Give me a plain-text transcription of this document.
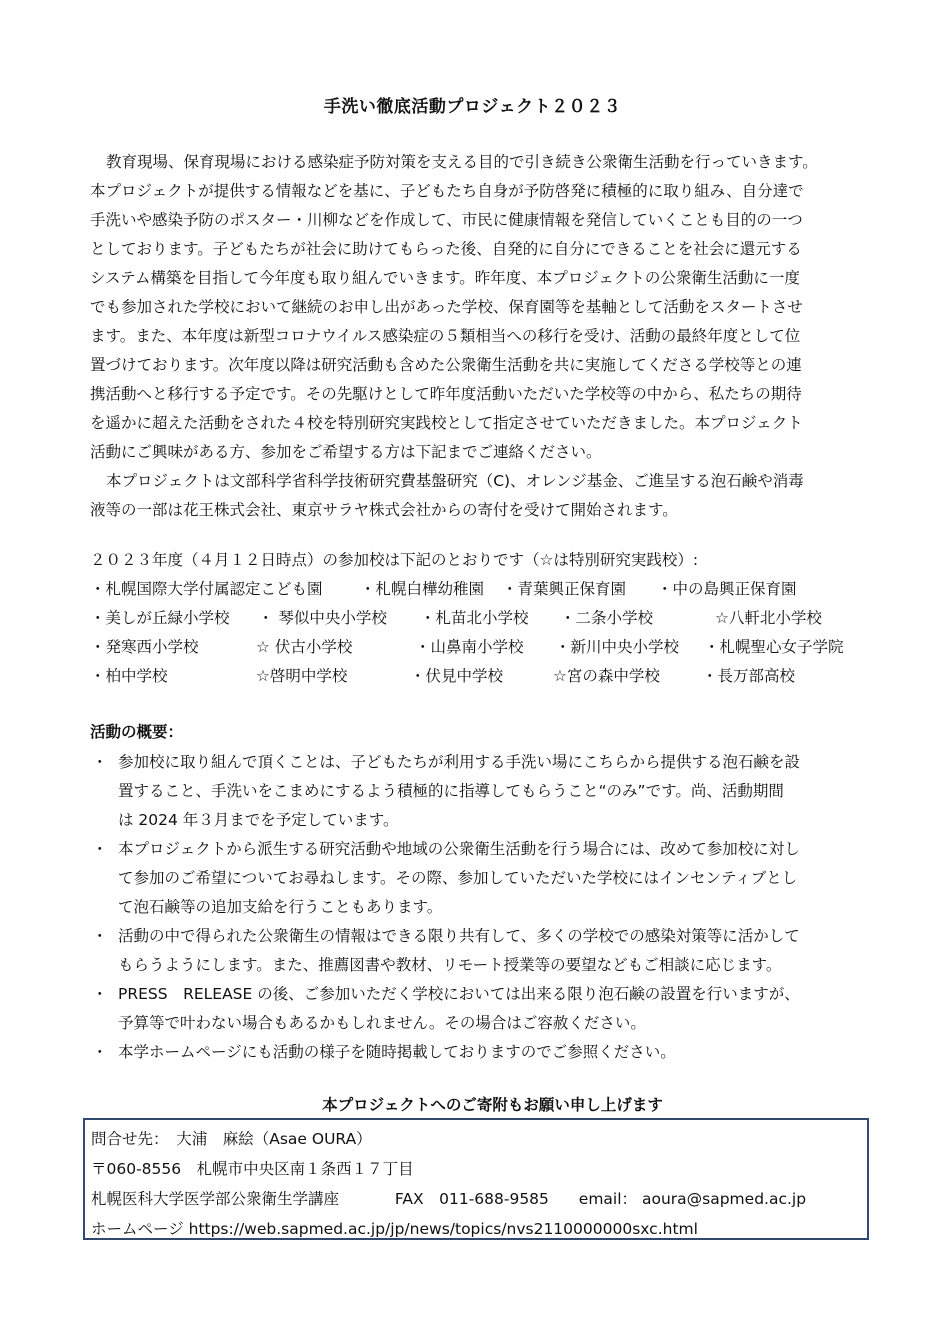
手洗い徹底活動プロジェクト２０２３
教育現場、保育現場における感染症予防対策を支える目的で引き続き公衆衛生活動を行っていきます。
本プロジェクトが提供する情報などを基に、子どもたち自身が予防啓発に積極的に取り組み、自分達で
手洗いや感染予防のポスター・川柳などを作成して、市民に健康情報を発信していくことも目的の一つ
としております。子どもたちが社会に助けてもらった後、自発的に自分にできることを社会に還元する
システム構築を目指して今年度も取り組んでいきます。昨年度、本プロジェクトの公衆衛生活動に一度
でも参加された学校において継続のお申し出があった学校、保育園等を基軸として活動をスタートさせ
ます。また、本年度は新型コロナウイルス感染症の５類相当への移行を受け、活動の最終年度として位
置づけております。次年度以降は研究活動も含めた公衆衛生活動を共に実施してくださる学校等との連
携活動へと移行する予定です。その先駆けとして昨年度活動いただいた学校等の中から、私たちの期待
を遥かに超えた活動をされた４校を特別研究実践校として指定させていただきました。本プロジェクト
活動にご興味がある方、参加をご希望する方は下記までご連絡ください。
本プロジェクトは文部科学省科学技術研究費基盤研究（C)、オレンジ基金、ご進呈する泡石鹸や消毒
液等の一部は花王株式会社、東京サラヤ株式会社からの寄付を受けて開始されます。
２０２３年度（４月１２日時点）の参加校は下記のとおりです（☆は特別研究実践校）:
・札幌国際大学付属認定こども園 ・札幌白樺幼稚園 ・青葉興正保育園 ・中の島興正保育園
・美しが丘緑小学校 ・ 琴似中央小学校 ・札苗北小学校 ・二条小学校	☆八軒北小学校
・発寒西小学校	☆ 伏古小学校	・山鼻南小学校 ・新川中央小学校 ・札幌聖心女子学院
・柏中学校	☆啓明中学校	・伏見中学校	☆宮の森中学校	・長万部高校
活動の概要：
・ 参加校に取り組んで頂くことは、子どもたちが利用する手洗い場にこちらから提供する泡石鹸を設
置すること、手洗いをこまめにするよう積極的に指導してもらうこと“のみ”です。尚、活動期間
は 2024 年３月までを予定しています。
・ 本プロジェクトから派生する研究活動や地域の公衆衛生活動を行う場合には、改めて参加校に対し
て参加のご希望についてお尋ねします。その際、参加していただいた学校にはインセンティブとし
て泡石鹸等の追加支給を行うこともあります。
・ 活動の中で得られた公衆衛生の情報はできる限り共有して、多くの学校での感染対策等に活かして
もらうようにします。また、推薦図書や教材、リモート授業等の要望などもご相談に応じます。
・ PRESS　RELEASE の後、ご参加いただく学校においては出来る限り泡石鹸の設置を行いますが、
予算等で叶わない場合もあるかもしれません。その場合はご容赦ください。
・ 本学ホームページにも活動の様子を随時掲載しておりますのでご参照ください。
本プロジェクトへのご寄附もお願い申し上げます
問合せ先：　大浦　麻絵（Asae OURA）
〒060-8556　札幌市中央区南１条西１７丁目
札幌医科大学医学部公衆衛生学講座	FAX　011-688-9585 email： aoura@sapmed.ac.jp
ホームページ https://web.sapmed.ac.jp/jp/news/topics/nvs2110000000sxc.html
